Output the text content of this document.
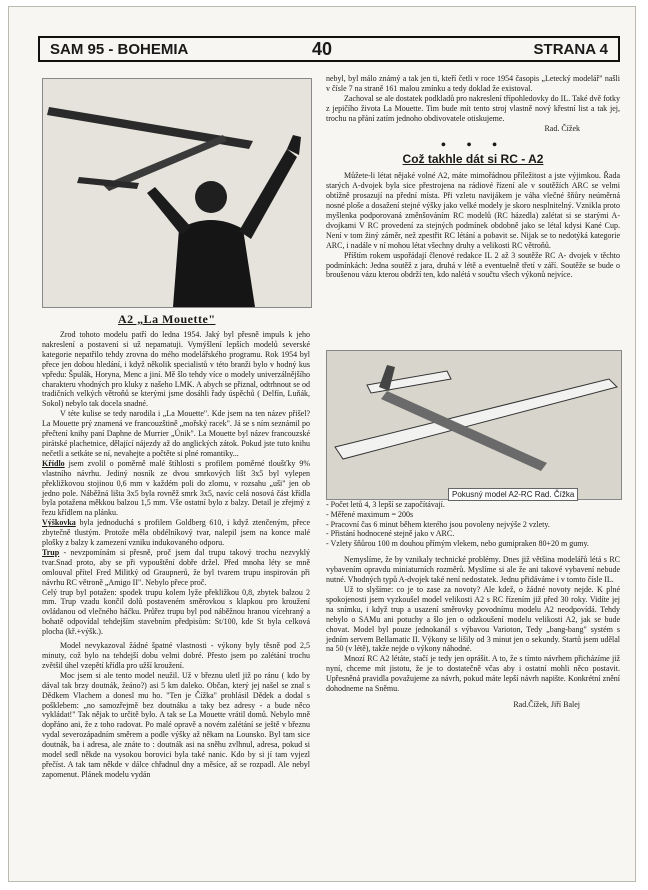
SAM 95 - BOHEMIA	40	STRANA 4
A2 „La Mouette"

Zrod tohoto modelu patří do ledna 1954. Jaký byl přesně impuls k jeho nakreslení a postavení si už nepamatuji. Vymýšlení lepších modelů severské kategorie nepatřilo tehdy zrovna do mého modelářského programu. Rok 1954 byl přece jen dobou hledání, i když několik specialistů v této branži bylo v hodný kus vpředu: Špulák, Horyna, Menc a jiní. Mě šlo tehdy více o modely univerzálnějšího charakteru vhodných pro kluky z našeho LMK. A abych se přiznal, odtrhnout se od tradičních velkých větroňů se kterými jsme dosáhli řady úspěchů ( Delfín, Luňák, Sokol) nebylo tak docela snadné.

V téte kulise se tedy narodila i „La Mouette". Kde jsem na ten název přišel? La Mouette prý znamená ve francouzštině „mořský racek". Já se s ním seznámil po přečtení knihy paní Daphne de Murrier „Únik". La Mouette byl název francouzské pirátské plachetnice, dělající nájezdy až do anglických zátok. Pokud jste tuto knihu nečetli a setkáte se ní, nevahejte a počtěte si plné romantiky...

Křídlo jsem zvolil o poměrně malé štíhlosti s profilem poměrné tloušťky 9% vlastního návrhu. Jediný nosník ze dvou smrkových lišt 3x5 byl vylepen překližkovou stojinou 0,6 mm v každém poli do zlomu, v rozsahu „uši" jen ob jedno pole. Náběžná lišta 3x5 byla rovněž smrk 3x5, navíc celá nosová část křídla byla potažena měkkou balzou 1,5 mm. Vše ostatní bylo z balzy. Detail je zřejmý z řezu křídlem na plánku.

Výškovka byla jednoduchá s profilem Goldberg 610, i když ztenčeným, přece zbytečně tlustým. Protože měla obdélníkový tvar, nalepil jsem na konce malé plošky z balzy k zamezení vzniku indukovaného odporu.

Trup - nevzpomínám si přesně, proč jsem dal trupu takový trochu nezvyklý tvar.Snad proto, aby se při vypouštění dobře držel. Před mnoha léty se mně omlouval přítel Fred Militký od Graupnerů, že byl tvarem trupu inspirován při návrhu RC větroně „Amigo II". Nebylo přece proč.

Celý trup byl potažen: spodek trupu kolem lyže překližkou 0,8, zbytek balzou 2 mm. Trup vzadu končil dolů postaveném směrovkou s klapkou pro kroužení ovládanou od vlečného háčku. Průřez trupu byl pod náběžnou hranou vícehraný a bohatě odpovídal tehdejším stavebním předpisům: St/100, kde St byla celková plocha (kř.+výšk.).

Model nevykazoval žádné špatné vlastnosti - výkony byly těsně pod 2,5 minuty, což bylo na tehdejší dobu velmi dobré. Přesto jsem po zalétání trochu zvětšil úhel vzepětí křídla pro užší kroužení.

Moc jsem si ale tento model neužil. Už v březnu uletl již po ránu ( kdo by dával tak brzy doutnák, žeáno?) asi 5 km daleko. Občan, který jej našel se znal s Dědkem Vlachem a donesl mu ho. "Ten je Čížka" prohlásil Dědek a dodal s pošklebem: „no samozřejmě bez doutnáku a taky bez adresy - a bude něco vykládat!" Tak nějak to určitě bylo. A tak se La Mouette vrátil domů. Nebylo mně dopřáno ani, že z toho radovat. Po malé opravě a novém zalétání se ještě v březnu vydal severozápadním směrem a podle výšky až někam na Lounsko. Byl tam sice doutnák, ba i adresa, ale znáte to : doutnák asi na sněhu zvlhnul, adresa, pokud si model sedl někde na vysokou borovici byla také nanic. Kdo by si jí tam vyjezl přečíst. A tak tam někde v dálce chřadnul dny a měsíce, až se rozpadl. Ale nebyl zapomenut. Plánek modelu vydán

nebyl, byl málo známý a tak jen ti, kteří četli v roce 1954 časopis „Letecký modelář" našli v čísle 7 na straně 161 malou zmínku a tedy doklad že existoval.

Zachoval se ale dostatek podkladů pro nakreslení třípohledovky do IL. Také dvě fotky z jepičího života La Mouette. Tim bude mít tento stroj vlastně nový křestní list a tak jej, trochu na přání zatím jednoho obdivovatele otiskujeme.

Rad. Čížek

• • •
Což takhle dát si RC - A2

Můžete-li létat nějaké volné A2, máte mimořádnou příležitost a jste výjimkou. Řada starých A-dvojek byla sice přestrojena na rádiové řízení ale v soutěžích ARC se velmi obtížně prosazují na přední místa. Při vzletu navijákem je váha vlečné šňůry neúměrná nosné ploše a dosažení stejné výšky jako velké modely je skoro nesplnitelný. Vznikla proto myšlenka podporovaná změnšováním RC modelů (RC házedla) zalétat si se starými A-dvojkami V RC provedení za stejných podmínek obdobně jako se létal kdysi Kané Cup. Není v tom žiný záměr, než zpestřit RC létání a pobavit se. Nijak se to nedotýká kategorie ARC, i nadále v ní mohou létat všechny druhy a velikosti RC větroňů.

Příštím rokem uspořádají členové redakce IL 2 až 3 soutěže RC A- dvojek v těchto podmínkách: Jedna soutěž z jara, druhá v létě a eventuelně třetí v září. Soutěže se bude o broušenou vázu kterou obdrží ten, kdo nalétá v součtu všech výkonů nejvíce.

- Počet letů 4, 3 lepší se započítávají.
- Měřené maximum = 200s
- Pracovní čas 6 minut během kterého jsou povoleny nejvýše 2 vzlety.
- Přistání hodnocené stejně jako v ARC.
- Vzlety šňůrou 100 m douhou přímým vlekem, nebo gumipraken 80+20 m gumy.

Nemyslíme, že by vznikaly technické problémy. Dnes již většina modelářů létá s RC vybavením opravdu miniaturních rozměrů. Myslíme si ale že ani takové vybavení nebude nutné. Vhodných typů A-dvojek také není nedostatek. Jednu přidáváme i v tomto čísle IL.

Už to slyšíme: co je to zase za novoty? Ale kdež, o žádné novoty nejde. K plné spokojenosti jsem vyzkoušel model velikosti A2 s RC řízením již před 30 roky. Vidíte jej na snímku, i když trup a usazení směrovky povodnímu modelu A2 neodpovídá. Tehdy nebylo o SAMu ani potuchy a šlo jen o odzkoušení modelu velikosti A2, jak se bude chovat. Model byl pouze jednokanál s výbavou Varioton, Tedy „bang-bang" systém s jedním servem Bellamatic II. Výkony se lišily od 3 minut jen o sekundy. Startů jsem udělal na 50 (v létě), takže nejde o výkony náhodné.

Mnozí RC A2 létáte, stačí je tedy jen oprášit. A to, že s tímto návrhem přicházíme již nyní, chceme mít jistotu, že je to dostatečně včas aby i ostatní mohli něco postavit. Upřesněná pravidla považujeme za návrh, pokud máte lepší návrh napište. Konkrétní znění dohodneme na Sněmu.

Rad.Čížek, Jiří Balej

Pokusný model A2-RC Rad. Čížka
